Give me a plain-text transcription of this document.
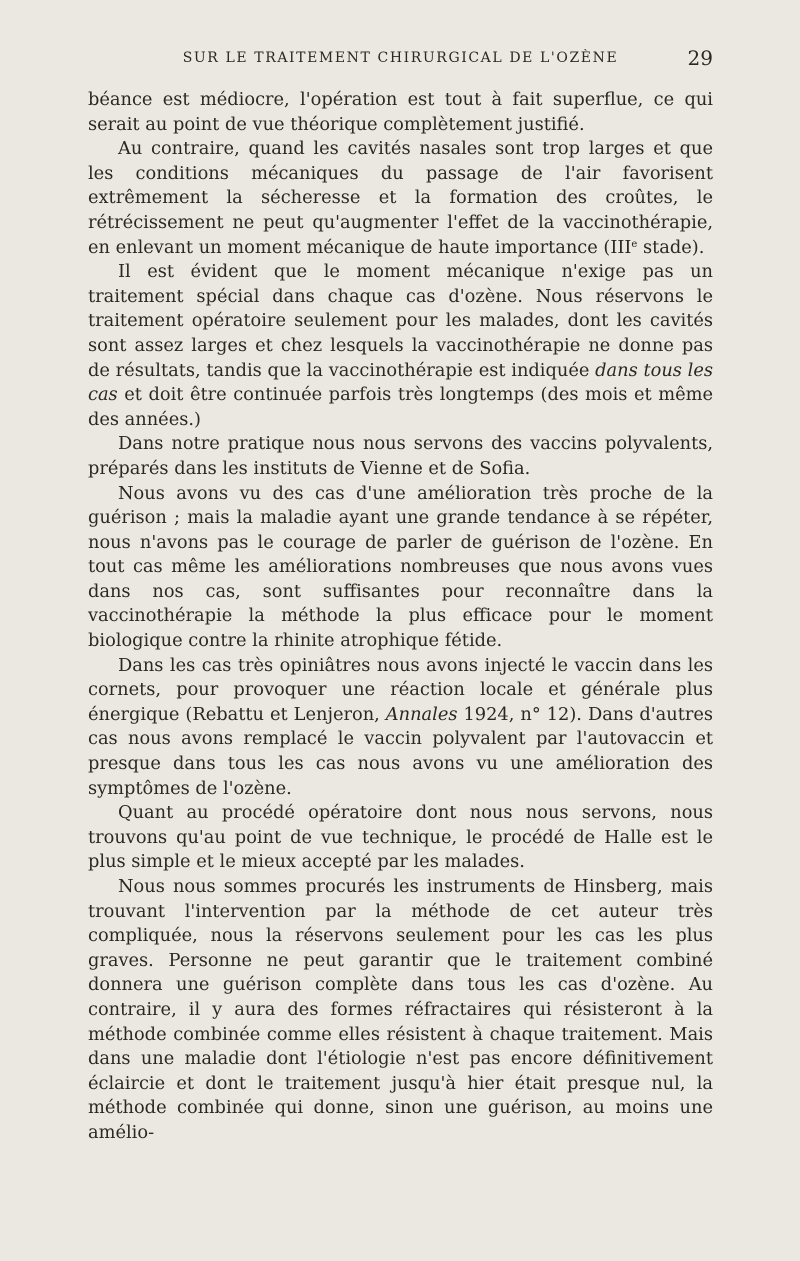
SUR LE TRAITEMENT CHIRURGICAL DE L'OZÈNE	29

béance est médiocre, l'opération est tout à fait superflue, ce qui serait au point de vue théorique complètement justifié.

Au contraire, quand les cavités nasales sont trop larges et que les conditions mécaniques du passage de l'air favorisent extrêmement la sécheresse et la formation des croûtes, le rétrécissement ne peut qu'augmenter l'effet de la vaccinothérapie, en enlevant un moment mécanique de haute importance (IIIe stade).

Il est évident que le moment mécanique n'exige pas un traitement spécial dans chaque cas d'ozène. Nous réservons le traitement opératoire seulement pour les malades, dont les cavités sont assez larges et chez lesquels la vaccinothérapie ne donne pas de résultats, tandis que la vaccinothérapie est indiquée dans tous les cas et doit être continuée parfois très longtemps (des mois et même des années.)

Dans notre pratique nous nous servons des vaccins polyvalents, préparés dans les instituts de Vienne et de Sofia.

Nous avons vu des cas d'une amélioration très proche de la guérison ; mais la maladie ayant une grande tendance à se répéter, nous n'avons pas le courage de parler de guérison de l'ozène. En tout cas même les améliorations nombreuses que nous avons vues dans nos cas, sont suffisantes pour reconnaître dans la vaccinothérapie la méthode la plus efficace pour le moment biologique contre la rhinite atrophique fétide.

Dans les cas très opiniâtres nous avons injecté le vaccin dans les cornets, pour provoquer une réaction locale et générale plus énergique (Rebattu et Lenjeron, Annales 1924, n° 12). Dans d'autres cas nous avons remplacé le vaccin polyvalent par l'autovaccin et presque dans tous les cas nous avons vu une amélioration des symptômes de l'ozène.

Quant au procédé opératoire dont nous nous servons, nous trouvons qu'au point de vue technique, le procédé de Halle est le plus simple et le mieux accepté par les malades.

Nous nous sommes procurés les instruments de Hinsberg, mais trouvant l'intervention par la méthode de cet auteur très compliquée, nous la réservons seulement pour les cas les plus graves. Personne ne peut garantir que le traitement combiné donnera une guérison complète dans tous les cas d'ozène. Au contraire, il y aura des formes réfractaires qui résisteront à la méthode combinée comme elles résistent à chaque traitement. Mais dans une maladie dont l'étiologie n'est pas encore définitivement éclaircie et dont le traitement jusqu'à hier était presque nul, la méthode combinée qui donne, sinon une guérison, au moins une amélio-
